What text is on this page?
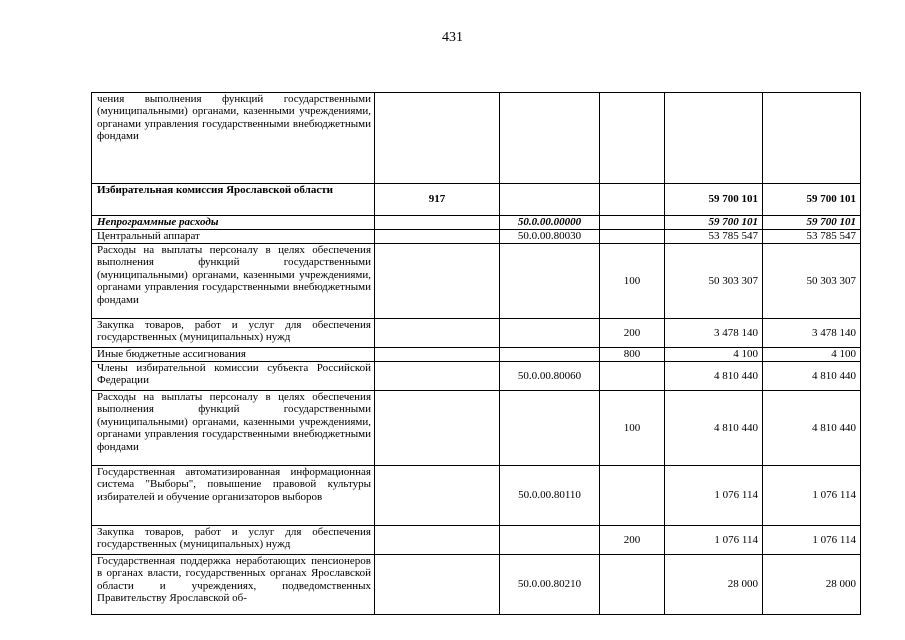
431
чения выполнения функций государственными (муниципальными) органами, казенными учреждениями, органами управления государственными внебюджетными фондами					
Избирательная комиссия Ярославской области	917			59 700 101	59 700 101
Непрограммные расходы		50.0.00.00000		59 700 101	59 700 101
Центральный аппарат		50.0.00.80030		53 785 547	53 785 547
Расходы на выплаты персоналу в целях обеспечения выполнения функций государственными (муниципальными) органами, казенными учреждениями, органами управления государственными внебюджетными фондами			100	50 303 307	50 303 307
Закупка товаров, работ и услуг для обеспечения государственных (муниципальных) нужд			200	3 478 140	3 478 140
Иные бюджетные ассигнования			800	4 100	4 100
Члены избирательной комиссии субъекта Российской Федерации		50.0.00.80060		4 810 440	4 810 440
Расходы на выплаты персоналу в целях обеспечения выполнения функций государственными (муниципальными) органами, казенными учреждениями, органами управления государственными внебюджетными фондами			100	4 810 440	4 810 440
Государственная автоматизированная информационная система "Выборы", повышение правовой культуры избирателей и обучение организаторов выборов		50.0.00.80110		1 076 114	1 076 114
Закупка товаров, работ и услуг для обеспечения государственных (муниципальных) нужд			200	1 076 114	1 076 114
Государственная поддержка неработающих пенсионеров в органах власти, государственных органах Ярославской области и учреждениях, подведомственных Правительству Ярославской об-		50.0.00.80210		28 000	28 000
